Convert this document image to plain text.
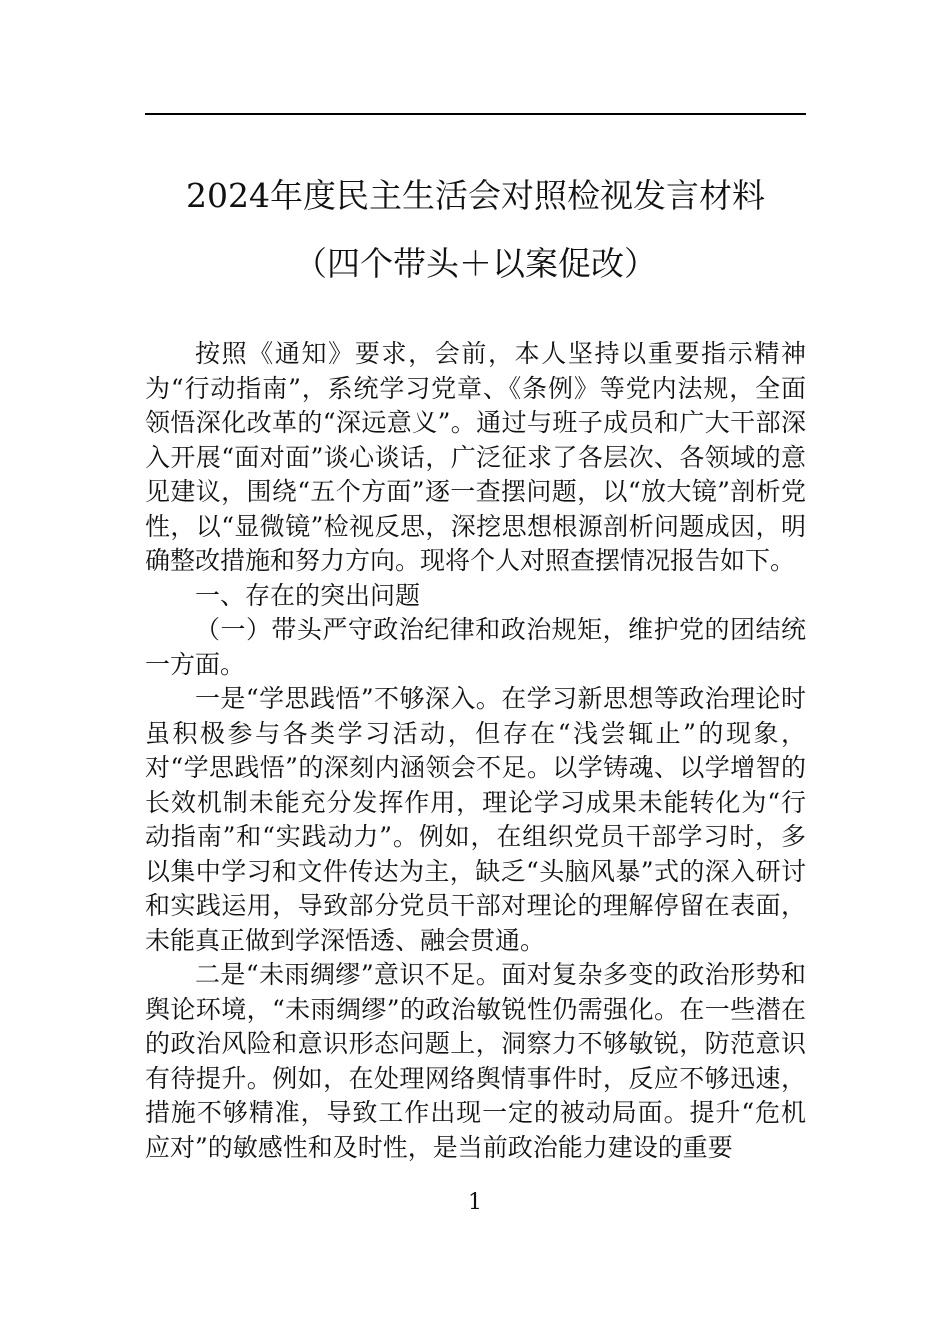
2024年度民主生活会对照检视发言材料
（四个带头＋以案促改）

按照《通知》要求，会前，本人坚持以重要指示精神为“行动指南”，系统学习党章、《条例》等党内法规，全面领悟深化改革的“深远意义”。通过与班子成员和广大干部深入开展“面对面”谈心谈话，广泛征求了各层次、各领域的意见建议，围绕“五个方面”逐一查摆问题，以“放大镜”剖析党性，以“显微镜”检视反思，深挖思想根源剖析问题成因，明确整改措施和努力方向。现将个人对照查摆情况报告如下。

一、存在的突出问题

（一）带头严守政治纪律和政治规矩，维护党的团结统一方面。

一是“学思践悟”不够深入。在学习新思想等政治理论时虽积极参与各类学习活动，但存在“浅尝辄止”的现象，对“学思践悟”的深刻内涵领会不足。以学铸魂、以学增智的长效机制未能充分发挥作用，理论学习成果未能转化为“行动指南”和“实践动力”。例如，在组织党员干部学习时，多以集中学习和文件传达为主，缺乏“头脑风暴”式的深入研讨和实践运用，导致部分党员干部对理论的理解停留在表面，未能真正做到学深悟透、融会贯通。

二是“未雨绸缪”意识不足。面对复杂多变的政治形势和舆论环境，“未雨绸缪”的政治敏锐性仍需强化。在一些潜在的政治风险和意识形态问题上，洞察力不够敏锐，防范意识有待提升。例如，在处理网络舆情事件时，反应不够迅速，措施不够精准，导致工作出现一定的被动局面。提升“危机应对”的敏感性和及时性，是当前政治能力建设的重要

1
